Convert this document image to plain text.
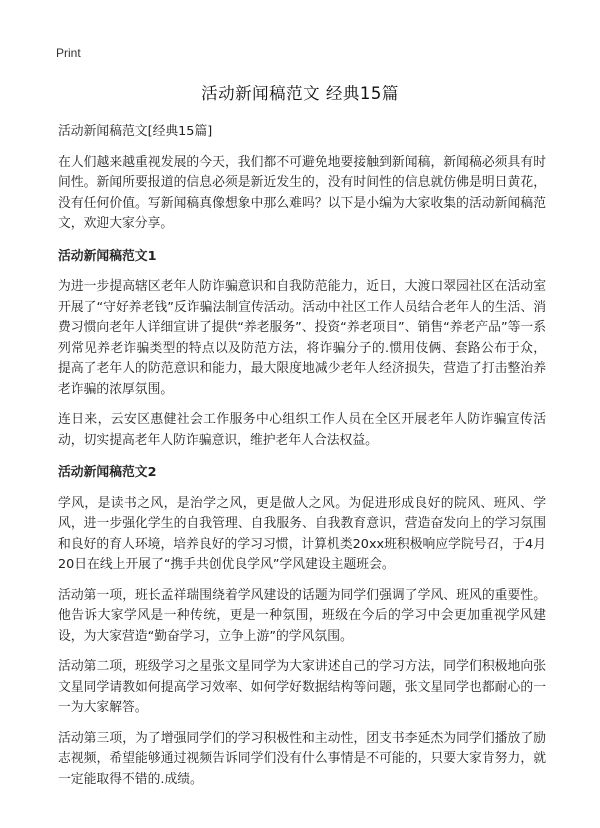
Print
活动新闻稿范文 经典15篇

活动新闻稿范文[经典15篇]

在人们越来越重视发展的今天，我们都不可避免地要接触到新闻稿，新闻稿必须具有时间性。新闻所要报道的信息必须是新近发生的，没有时间性的信息就仿佛是明日黄花，没有任何价值。写新闻稿真像想象中那么难吗？以下是小编为大家收集的活动新闻稿范文，欢迎大家分享。

活动新闻稿范文1

为进一步提高辖区老年人防诈骗意识和自我防范能力，近日，大渡口翠园社区在活动室开展了“守好养老钱”反诈骗法制宣传活动。活动中社区工作人员结合老年人的生活、消费习惯向老年人详细宣讲了提供“养老服务”、投资“养老项目”、销售“养老产品”等一系列常见养老诈骗类型的特点以及防范方法，将诈骗分子的.惯用伎俩、套路公布于众，提高了老年人的防范意识和能力，最大限度地减少老年人经济损失，营造了打击整治养老诈骗的浓厚氛围。

连日来，云安区惠健社会工作服务中心组织工作人员在全区开展老年人防诈骗宣传活动，切实提高老年人防诈骗意识，维护老年人合法权益。

活动新闻稿范文2

学风，是读书之风，是治学之风，更是做人之风。为促进形成良好的院风、班风、学风，进一步强化学生的自我管理、自我服务、自我教育意识，营造奋发向上的学习氛围和良好的育人环境，培养良好的学习习惯，计算机类20xx班积极响应学院号召，于4月20日在线上开展了“携手共创优良学风”学风建设主题班会。

活动第一项，班长孟祥瑞围绕着学风建设的话题为同学们强调了学风、班风的重要性。他告诉大家学风是一种传统，更是一种氛围，班级在今后的学习中会更加重视学风建设，为大家营造“勤奋学习，立争上游”的学风氛围。

活动第二项，班级学习之星张文星同学为大家讲述自己的学习方法，同学们积极地向张文星同学请教如何提高学习效率、如何学好数据结构等问题，张文星同学也都耐心的一一为大家解答。

活动第三项，为了增强同学们的学习积极性和主动性，团支书李延杰为同学们播放了励志视频，希望能够通过视频告诉同学们没有什么事情是不可能的，只要大家肯努力，就一定能取得不错的.成绩。
